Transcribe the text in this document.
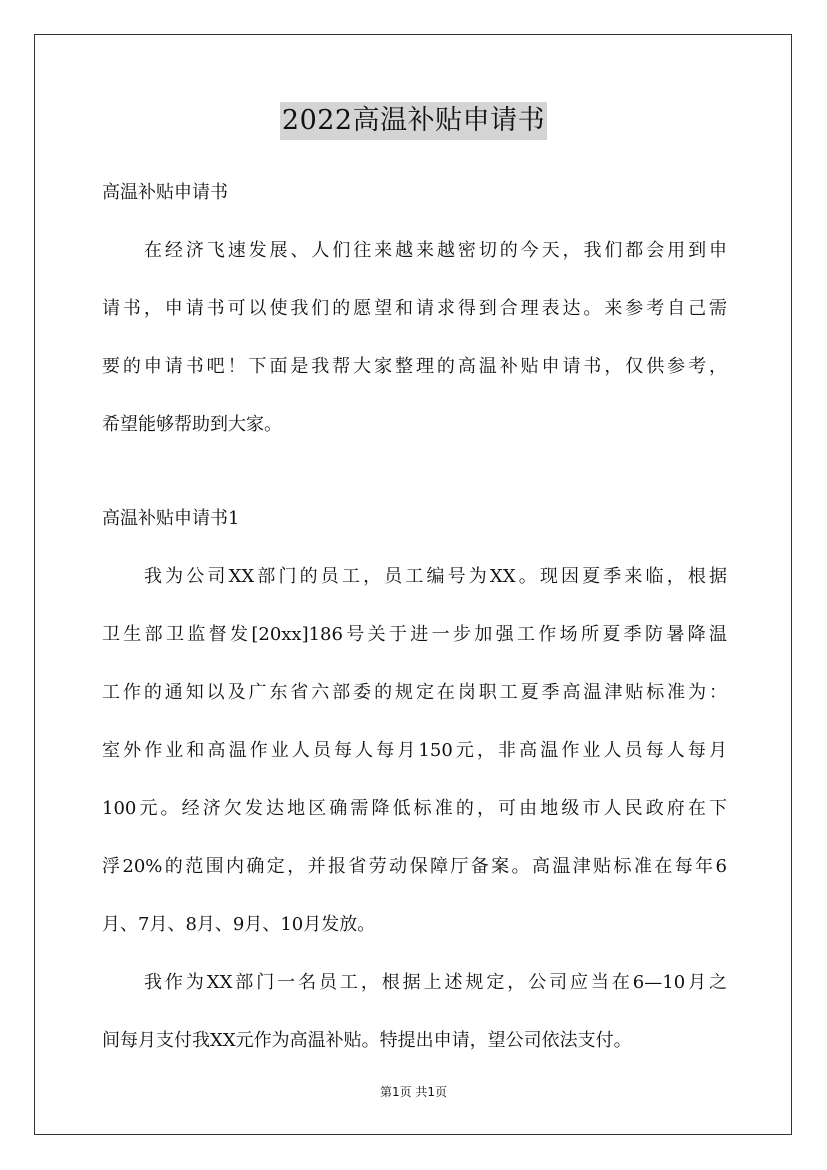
2022高温补贴申请书
高温补贴申请书
在经济飞速发展、人们往来越来越密切的今天，我们都会用到申
请书，申请书可以使我们的愿望和请求得到合理表达。来参考自己需
要的申请书吧！下面是我帮大家整理的高温补贴申请书，仅供参考，
希望能够帮助到大家。
高温补贴申请书1
我为公司XX部门的员工，员工编号为XX。现因夏季来临，根据
卫生部卫监督发[20xx]186号关于进一步加强工作场所夏季防暑降温
工作的通知以及广东省六部委的规定在岗职工夏季高温津贴标准为：
室外作业和高温作业人员每人每月150元，非高温作业人员每人每月
100元。经济欠发达地区确需降低标准的，可由地级市人民政府在下
浮20%的范围内确定，并报省劳动保障厅备案。高温津贴标准在每年6
月、7月、8月、9月、10月发放。
我作为XX部门一名员工，根据上述规定，公司应当在6—10月之
间每月支付我XX元作为高温补贴。特提出申请，望公司依法支付。
第1页 共1页
